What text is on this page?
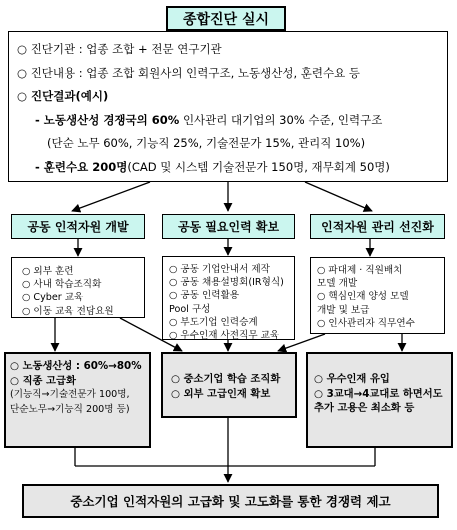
종합진단 실시
○ 진단기관 : 업종 조합 + 전문 연구기관
○ 진단내용 : 업종 조합 회원사의 인력구조, 노동생산성, 훈련수요 등
○ 진단결과(예시)
- 노동생산성 경쟁국의 60% 인사관리 대기업의 30% 수준, 인력구조
(단순 노무 60%, 기능직 25%, 기술전문가 15%, 관리직 10%)
- 훈련수요 200명(CAD 및 시스템 기술전문가 150명, 재무회계 50명)
공동 인적자원 개발	공동 필요인력 확보	인적자원 관리 선진화
○ 외부 훈련
○ 사내 학습조직화
○ Cyber 교육
○ 이동 교육 전담요원
○ 공동 기업안내서 제작
○ 공동 채용설명회(IR형식)
○ 공동 인력활용
Pool 구성
○ 부도기업 인력승계
○ 우수인재 사전직무 교육
○ 파대제 · 직원배치
모델 개발
○ 핵심인재 양성 모델
개발 및 보급
○ 인사관리자 직무연수
○ 노동생산성 : 60%→80%
○ 직종 고급화
(기능직→기술전문가 100명,
단순노무→기능직 200명 등)
○ 중소기업 학습 조직화
○ 외부 고급인재 확보
○ 우수인재 유입
○ 3교대→4교대로 하면서도
추가 고용은 최소화 등
중소기업 인적자원의 고급화 및 고도화를 통한 경쟁력 제고
